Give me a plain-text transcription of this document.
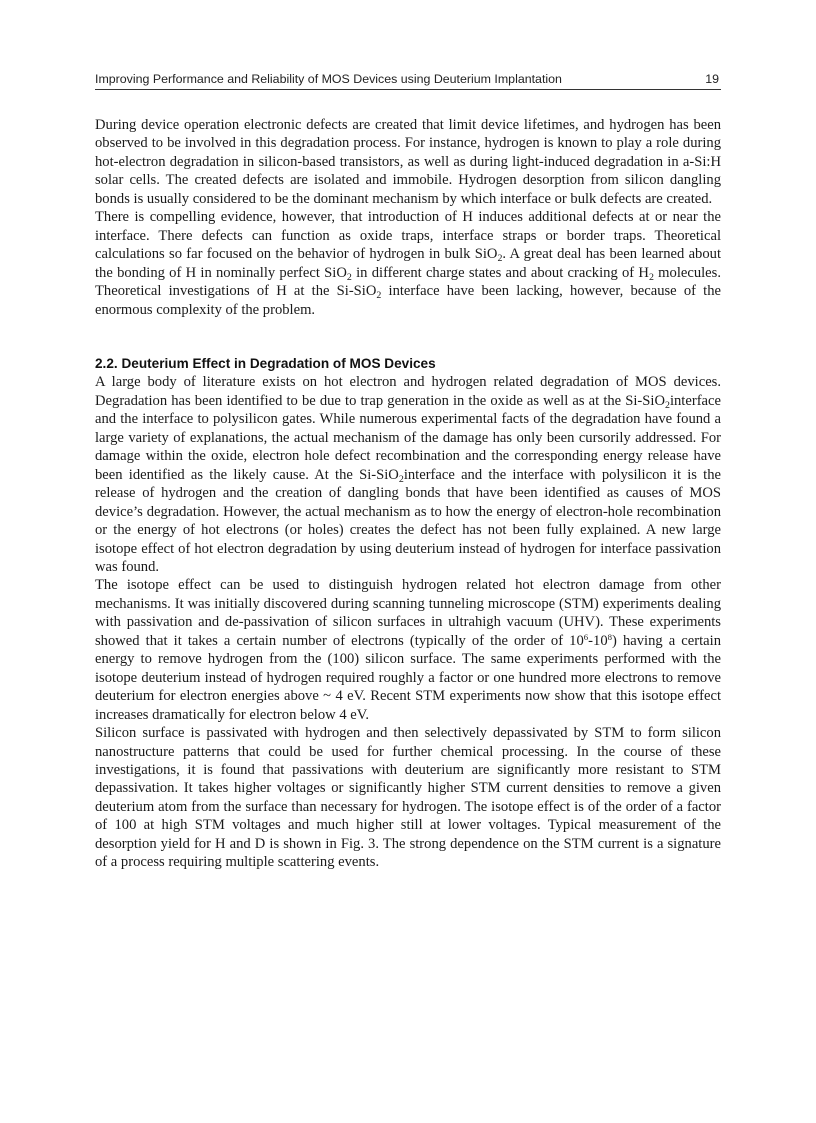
Improving Performance and Reliability of MOS Devices using Deuterium Implantation	19

During device operation electronic defects are created that limit device lifetimes, and hydrogen has been observed to be involved in this degradation process. For instance, hydrogen is known to play a role during hot-electron degradation in silicon-based transistors, as well as during light-induced degradation in a-Si:H solar cells. The created defects are isolated and immobile. Hydrogen desorption from silicon dangling bonds is usually considered to be the dominant mechanism by which interface or bulk defects are created.

There is compelling evidence, however, that introduction of H induces additional defects at or near the interface. There defects can function as oxide traps, interface straps or border traps. Theoretical calculations so far focused on the behavior of hydrogen in bulk SiO$_2$. A great deal has been learned about the bonding of H in nominally perfect SiO$_2$ in different charge states and about cracking of $H_2$ molecules. Theoretical investigations of H at the Si-SiO$_2$ interface have been lacking, however, because of the enormous complexity of the problem.

2.2. Deuterium Effect in Degradation of MOS Devices

A large body of literature exists on hot electron and hydrogen related degradation of MOS devices. Degradation has been identified to be due to trap generation in the oxide as well as at the Si-SiO$_2$interface and the interface to polysilicon gates. While numerous experimental facts of the degradation have found a large variety of explanations, the actual mechanism of the damage has only been cursorily addressed. For damage within the oxide, electron hole defect recombination and the corresponding energy release have been identified as the likely cause. At the Si-SiO$_2$interface and the interface with polysilicon it is the release of hydrogen and the creation of dangling bonds that have been identified as causes of MOS device’s degradation. However, the actual mechanism as to how the energy of electron-hole recombination or the energy of hot electrons (or holes) creates the defect has not been fully explained. A new large isotope effect of hot electron degradation by using deuterium instead of hydrogen for interface passivation was found.

The isotope effect can be used to distinguish hydrogen related hot electron damage from other mechanisms. It was initially discovered during scanning tunneling microscope (STM) experiments dealing with passivation and de-passivation of silicon surfaces in ultrahigh vacuum (UHV). These experiments showed that it takes a certain number of electrons (typically of the order of $10^6-10^8$) having a certain energy to remove hydrogen from the (100) silicon surface. The same experiments performed with the isotope deuterium instead of hydrogen required roughly a factor or one hundred more electrons to remove deuterium for electron energies above ~ 4 eV. Recent STM experiments now show that this isotope effect increases dramatically for electron below 4 eV.

Silicon surface is passivated with hydrogen and then selectively depassivated by STM to form silicon nanostructure patterns that could be used for further chemical processing. In the course of these investigations, it is found that passivations with deuterium are significantly more resistant to STM depassivation. It takes higher voltages or significantly higher STM current densities to remove a given deuterium atom from the surface than necessary for hydrogen. The isotope effect is of the order of a factor of 100 at high STM voltages and much higher still at lower voltages. Typical measurement of the desorption yield for H and D is shown in Fig. 3. The strong dependence on the STM current is a signature of a process requiring multiple scattering events.
